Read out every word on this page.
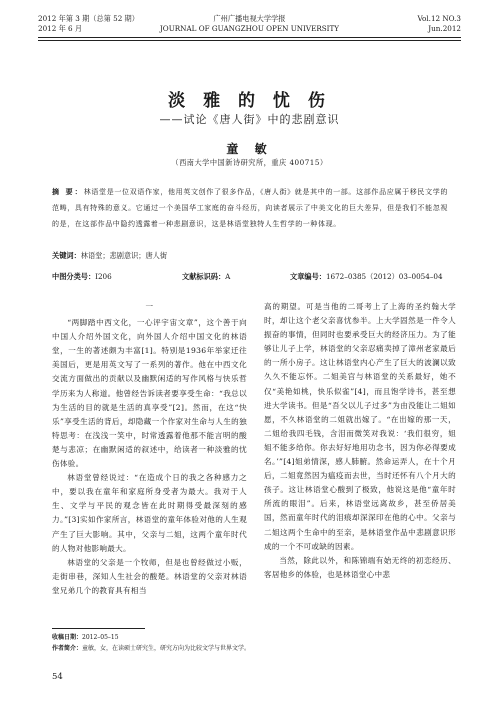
2012 年第 3 期（总第 52 期）	广州广播电视大学学报	Vol.12 NO.3
2012 年 6 月	JOURNAL OF GUANGZHOU OPEN UNIVERSITY	Jun.2012
淡 雅 的 忧 伤
——试论《唐人街》中的悲剧意识
童 敏
（西南大学中国新诗研究所，重庆 400715）
摘 要：林语堂是一位双语作家，他用英文创作了很多作品，《唐人街》就是其中的一部。这部作品应属于移民文学的范畴，具有特殊的意义。它通过一个美国华工家庭的奋斗经历，向读者展示了中美文化的巨大差异，但是我们不能忽视的是，在这部作品中隐约透露着一种悲剧意识，这是林语堂独特人生哲学的一种体现。
关键词：林语堂；悲剧意识；唐人街
中图分类号：I206	文献标识码：A	文章编号：1672–0385（2012）03–0054–04

一

“两脚踏中西文化，一心评宇宙文章”，这个善于向中国人介绍外国文化，向外国人介绍中国文化的林语堂，一生的著述颇为丰富[1]。特别是1936年举家迁往美国后，更是用英文写了一系列的著作。他在中西文化交流方面做出的贡献以及幽默闲适的写作风格与快乐哲学历来为人称道。他曾经告诉读者要享受生命：“我总以为生活的目的就是生活的真享受”[2]。然而，在这“快乐”享受生活的背后，却隐藏一个作家对生命与人生的独特思考：在浅浅一笑中，时常透露着他那不能言明的酸楚与悲凉；在幽默闲适的叙述中，给读者一种淡雅的忧伤体验。

林语堂曾经说过：“在造成个日的我之各种感力之中，要以我在童年和家庭所身受者为最大。我对于人生、文学与平民的观念皆在此时期得受最深刻的感力。”[3]实如作家所言，林语堂的童年体验对他的人生观产生了巨大影响。其中，父亲与二姐，这两个童年时代的人物对他影响最大。

林语堂的父亲是一个牧师，但是也曾经做过小贩，走街串巷，深知人生社会的酸楚。林语堂的父亲对林语堂兄弟几个的教育具有相当

高的期望。可是当他的二哥考上了上海的圣约翰大学时，却让这个老父亲喜忧参半。上大学固然是一件令人振奋的事情，但同时也要承受巨大的经济压力。为了能够让儿子上学，林语堂的父亲忍痛卖掉了漳州老家最后的一所小房子。这让林语堂内心产生了巨大的波澜以致久久不能忘怀。二姐美宫与林语堂的关系最好，她不仅“美艳如桃，快乐似雀”[4]，而且饱学诗书，甚至想进大学读书。但是“吾父以儿子过多”为由没能让二姐如愿，不久林语堂的二姐就出嫁了。“在出嫁的那一天，二姐给我四毛钱，含泪而微笑对我说：‘我们很穷，姐姐不能多给你。你去好好地用功念书，因为你必得要成名。’”[4]姐弟情深，感人肺腑。然命运弄人，在十个月后，二姐竟然因为瘟疫而去世，当时还怀有八个月大的孩子。这让林语堂心酸到了极致，他说这是他“童年时所流的眼泪”。后来，林语堂远离故乡，甚至侨居美国，然而童年时代的泪痕却深深印在他的心中。父亲与二姐这两个生命中的至亲，是林语堂作品中悲剧意识形成的一个不可或缺的因素。

当然，除此以外，和陈锦端有始无终的初恋经历、客居他乡的体验，也是林语堂心中悲

收稿日期：2012–05–15
作者简介：童敏，女，在读硕士研究生，研究方向为比较文学与世界文学。
54
